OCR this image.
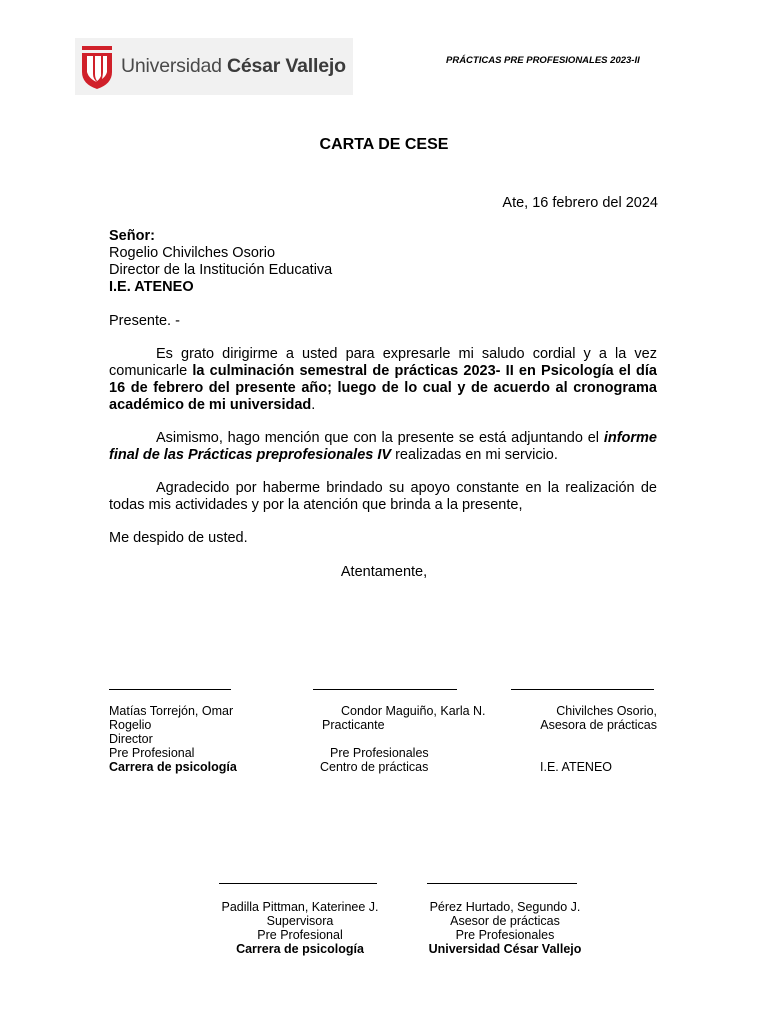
Universidad César Vallejo	PRÁCTICAS PRE PROFESIONALES 2023-II
CARTA DE CESE
Ate, 16 febrero del 2024
Señor:
Rogelio Chivilches Osorio
Director de la Institución Educativa
I.E. ATENEO
Presente. -
Es grato dirigirme a usted para expresarle mi saludo cordial y a la vez comunicarle la culminación semestral de prácticas 2023- II en Psicología el día 16 de febrero del presente año; luego de lo cual y de acuerdo al cronograma académico de mi universidad.
Asimismo, hago mención que con la presente se está adjuntando el informe final de las Prácticas preprofesionales IV realizadas en mi servicio.
Agradecido por haberme brindado su apoyo constante en la realización de todas mis actividades y por la atención que brinda a la presente,
Me despido de usted.
Atentamente,
Matías Torrejón, Omar
Rogelio
Director
Pre Profesional
Carrera de psicología
Condor Maguiño, Karla N.
Practicante
Pre Profesionales
Centro de prácticas
Chivilches Osorio,
Asesora de prácticas
I.E. ATENEO
Padilla Pittman, Katerinee J.
Supervisora
Pre Profesional
Carrera de psicología
Pérez Hurtado, Segundo J.
Asesor de prácticas
Pre Profesionales
Universidad César Vallejo
